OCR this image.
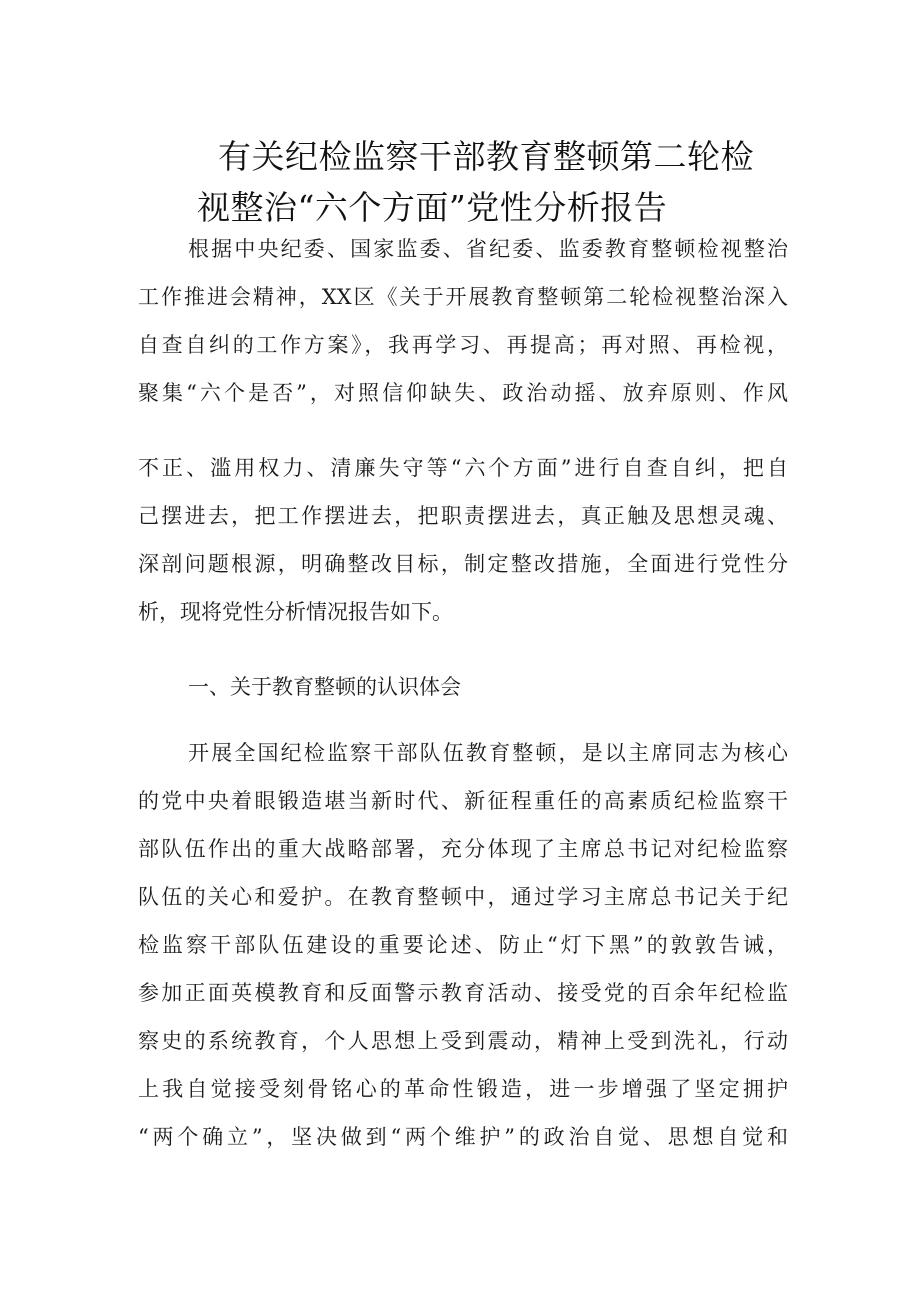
有关纪检监察干部教育整顿第二轮检
视整治“六个方面”党性分析报告
根据中央纪委、国家监委、省纪委、监委教育整顿检视整治
工作推进会精神，XX区《关于开展教育整顿第二轮检视整治深入
自查自纠的工作方案》，我再学习、再提高；再对照、再检视，
聚集“六个是否”，对照信仰缺失、政治动摇、放弃原则、作风
不正、滥用权力、清廉失守等“六个方面”进行自查自纠，把自
己摆进去，把工作摆进去，把职责摆进去，真正触及思想灵魂、
深剖问题根源，明确整改目标，制定整改措施，全面进行党性分
析，现将党性分析情况报告如下。
一、关于教育整顿的认识体会
开展全国纪检监察干部队伍教育整顿，是以主席同志为核心
的党中央着眼锻造堪当新时代、新征程重任的高素质纪检监察干
部队伍作出的重大战略部署，充分体现了主席总书记对纪检监察
队伍的关心和爱护。在教育整顿中，通过学习主席总书记关于纪
检监察干部队伍建设的重要论述、防止“灯下黑”的敦敦告诫，
参加正面英模教育和反面警示教育活动、接受党的百余年纪检监
察史的系统教育，个人思想上受到震动，精神上受到洗礼，行动
上我自觉接受刻骨铭心的革命性锻造，进一步增强了坚定拥护
“两个确立”，坚决做到“两个维护”的政治自觉、思想自觉和
